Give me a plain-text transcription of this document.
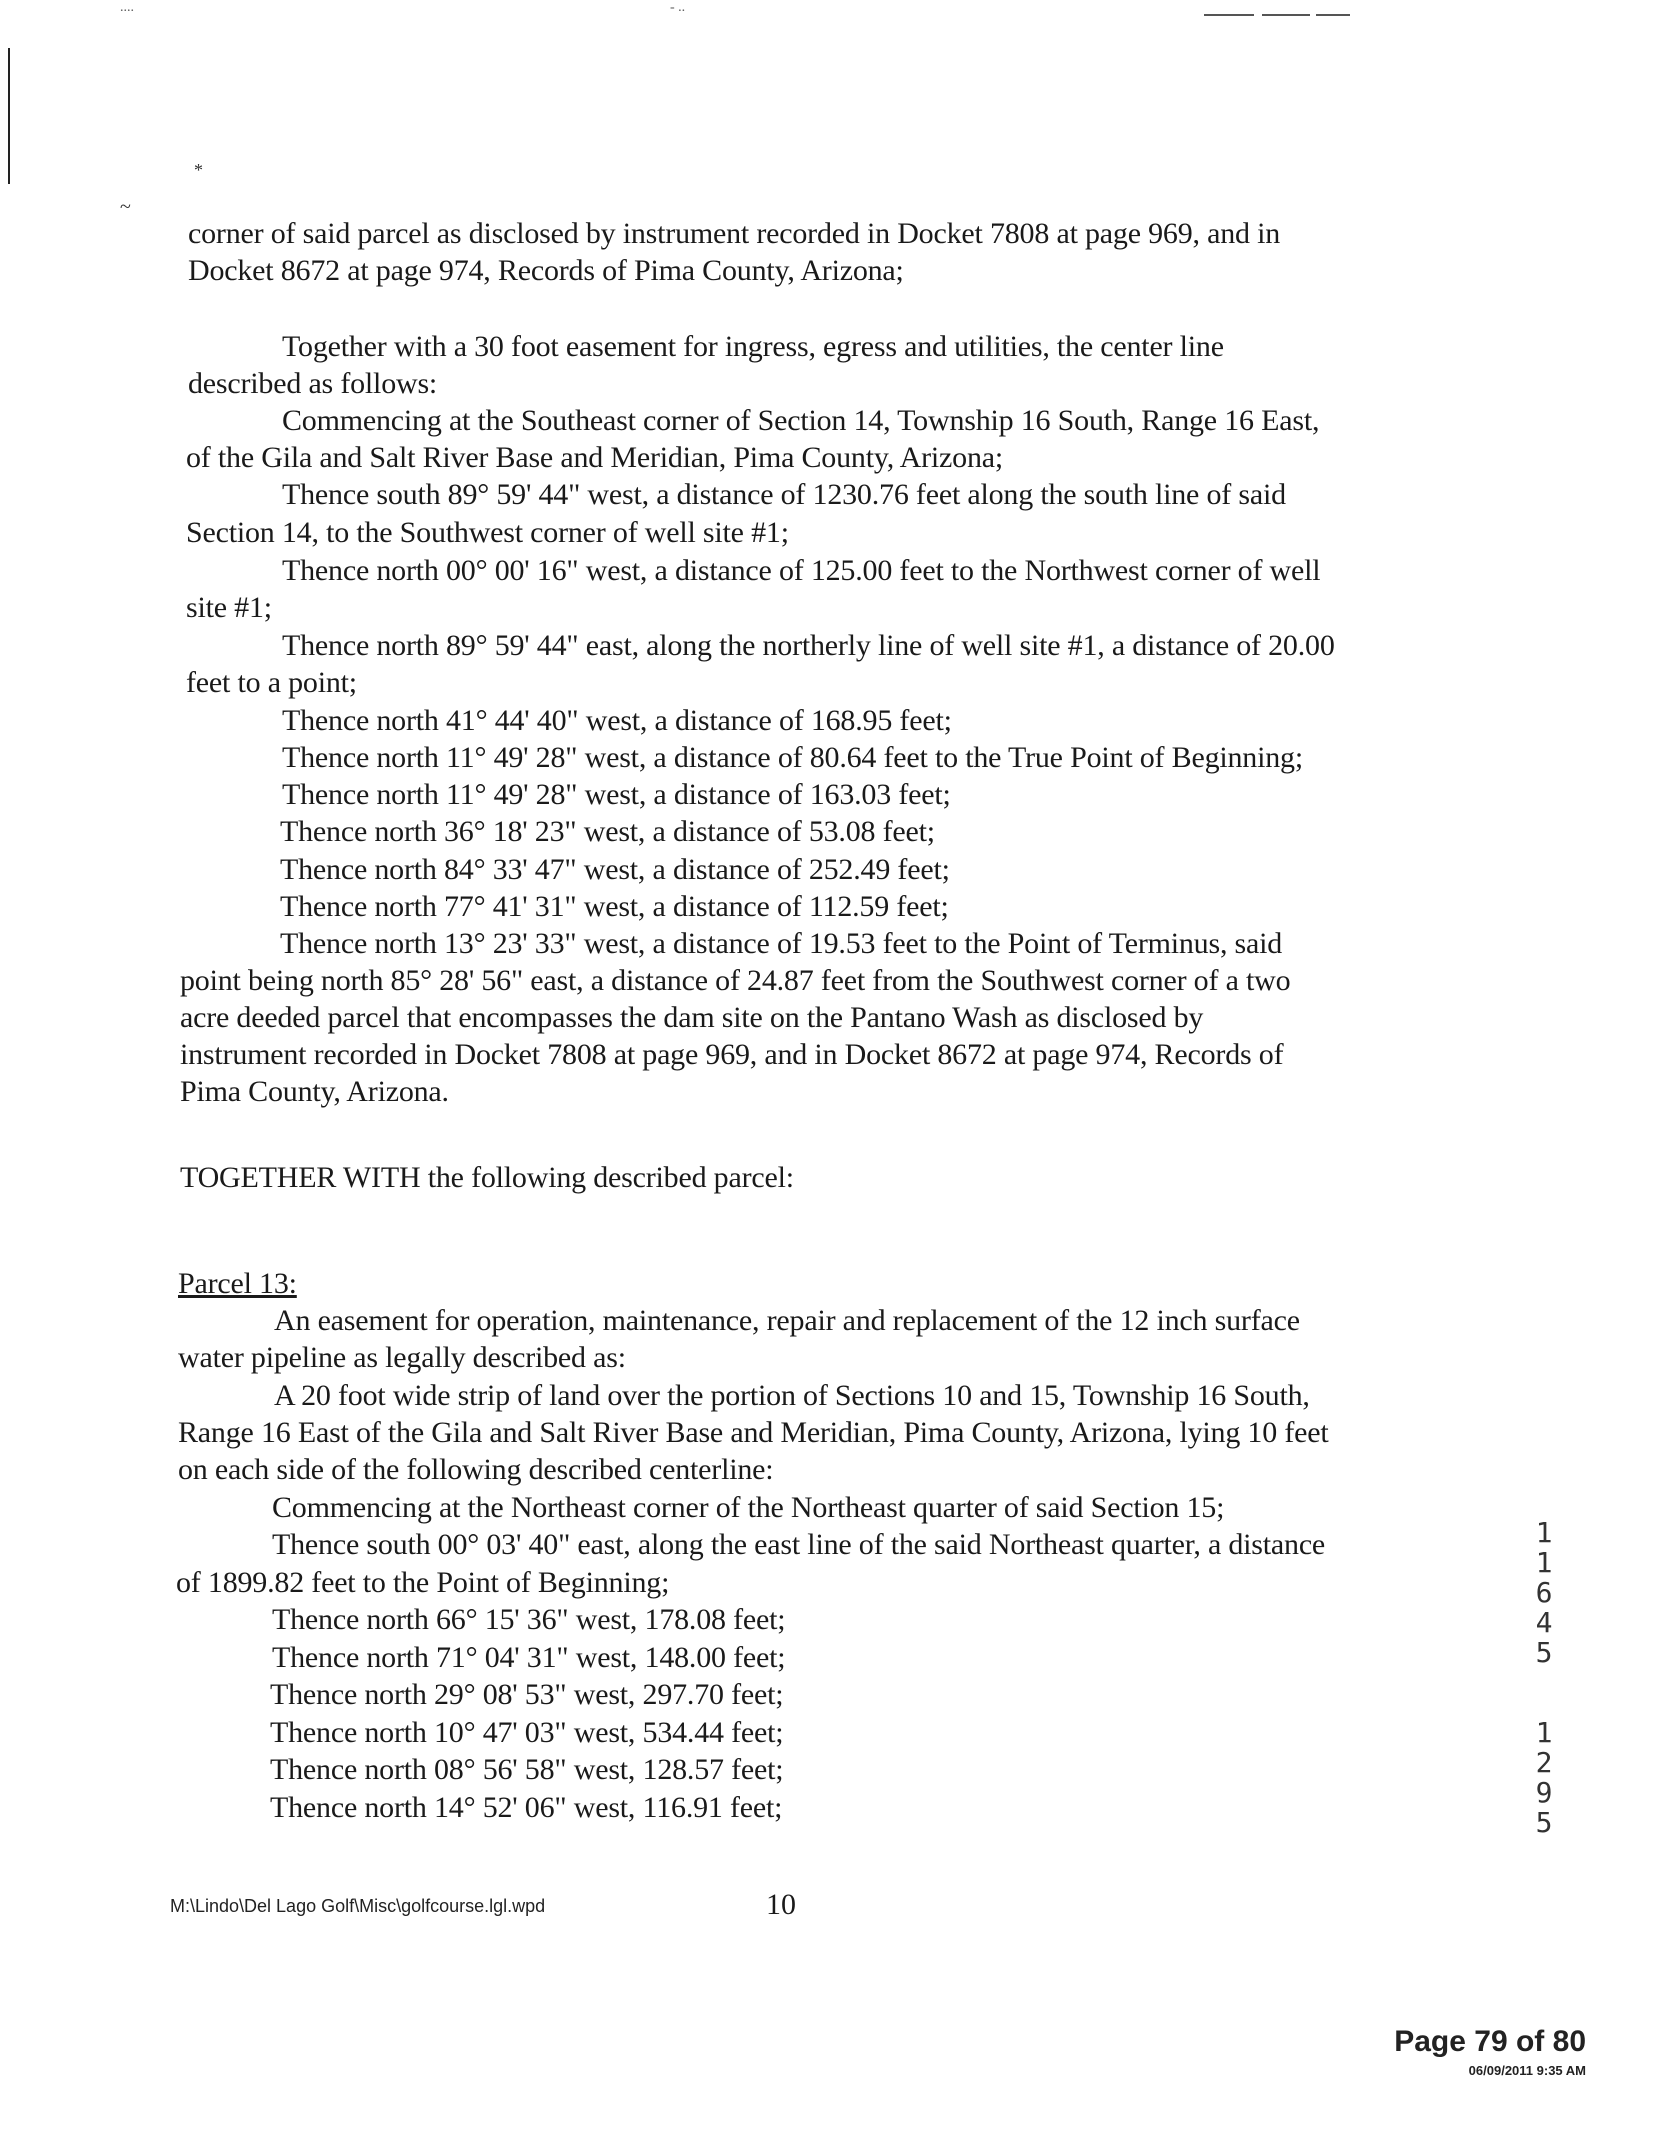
....	- ..
*
~
corner of said parcel as disclosed by instrument recorded in Docket 7808 at page 969, and in
Docket 8672 at page 974, Records of Pima County, Arizona;
Together with a 30 foot easement for ingress, egress and utilities, the center line
described as follows:
Commencing at the Southeast corner of Section 14, Township 16 South, Range 16 East,
of the Gila and Salt River Base and Meridian, Pima County, Arizona;
Thence south 89° 59' 44" west, a distance of 1230.76 feet along the south line of said
Section 14, to the Southwest corner of well site #1;
Thence north 00° 00' 16" west, a distance of 125.00 feet to the Northwest corner of well
site #1;
Thence north 89° 59' 44" east, along the northerly line of well site #1, a distance of 20.00
feet to a point;
Thence north 41° 44' 40" west, a distance of 168.95 feet;
Thence north 11° 49' 28" west, a distance of 80.64 feet to the True Point of Beginning;
Thence north 11° 49' 28" west, a distance of 163.03 feet;
Thence north 36° 18' 23" west, a distance of 53.08 feet;
Thence north 84° 33' 47" west, a distance of 252.49 feet;
Thence north 77° 41' 31" west, a distance of 112.59 feet;
Thence north 13° 23' 33" west, a distance of 19.53 feet to the Point of Terminus, said
point being north 85° 28' 56" east, a distance of 24.87 feet from the Southwest corner of a two
acre deeded parcel that encompasses the dam site on the Pantano Wash as disclosed by
instrument recorded in Docket 7808 at page 969, and in Docket 8672 at page 974, Records of
Pima County, Arizona.
TOGETHER WITH the following described parcel:
Parcel 13:
An easement for operation, maintenance, repair and replacement of the 12 inch surface
water pipeline as legally described as:
A 20 foot wide strip of land over the portion of Sections 10 and 15, Township 16 South,
Range 16 East of the Gila and Salt River Base and Meridian, Pima County, Arizona, lying 10 feet
on each side of the following described centerline:
Commencing at the Northeast corner of the Northeast quarter of said Section 15;
Thence south 00° 03' 40" east, along the east line of the said Northeast quarter, a distance
of 1899.82 feet to the Point of Beginning;
Thence north 66° 15' 36" west, 178.08 feet;
Thence north 71° 04' 31" west, 148.00 feet;
Thence north 29° 08' 53" west, 297.70 feet;
Thence north 10° 47' 03" west, 534.44 feet;
Thence north 08° 56' 58" west, 128.57 feet;
Thence north 14° 52' 06" west, 116.91 feet;
M:\Lindo\Del Lago Golf\Misc\golfcourse.lgl.wpd	10
1
1
6
4
5
1
2
9
5
Page 79 of 80
06/09/2011 9:35 AM
